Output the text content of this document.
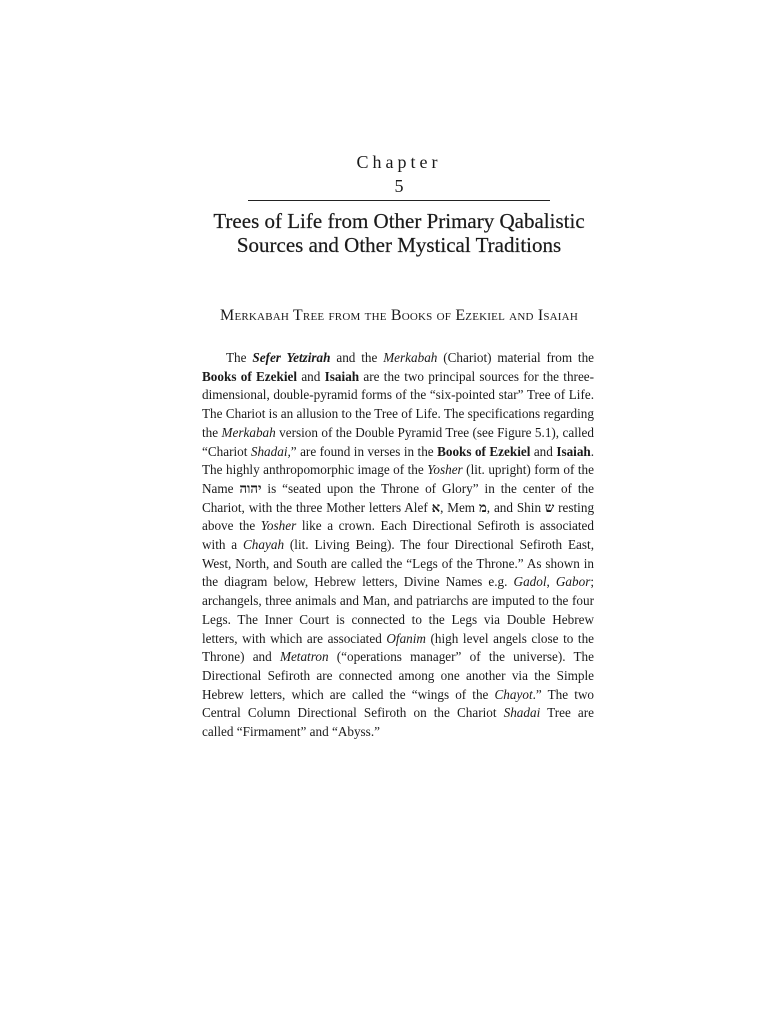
Chapter
5
Trees of Life from Other Primary Qabalistic Sources and Other Mystical Traditions
Merkabah Tree from the Books of Ezekiel and Isaiah

The Sefer Yetzirah and the Merkabah (Chariot) material from the Books of Ezekiel and Isaiah are the two principal sources for the three-dimensional, double-pyramid forms of the “six-pointed star” Tree of Life. The Chariot is an allusion to the Tree of Life. The specifications regarding the Merkabah version of the Double Pyramid Tree (see Figure 5.1), called “Chariot Shadai,” are found in verses in the Books of Ezekiel and Isaiah. The highly anthropomorphic image of the Yosher (lit. upright) form of the Name יהוה is “seated upon the Throne of Glory” in the center of the Chariot, with the three Mother letters Alef א, Mem מ, and Shin ש resting above the Yosher like a crown. Each Directional Sefiroth is associated with a Chayah (lit. Living Being). The four Directional Sefiroth East, West, North, and South are called the “Legs of the Throne.” As shown in the diagram below, Hebrew letters, Divine Names e.g. Gadol, Gabor; archangels, three animals and Man, and patriarchs are imputed to the four Legs. The Inner Court is connected to the Legs via Double Hebrew letters, with which are associated Ofanim (high level angels close to the Throne) and Metatron (“operations manager” of the universe). The Directional Sefiroth are connected among one another via the Simple Hebrew letters, which are called the “wings of the Chayot.” The two Central Column Directional Sefiroth on the Chariot Shadai Tree are called “Firmament” and “Abyss.”
